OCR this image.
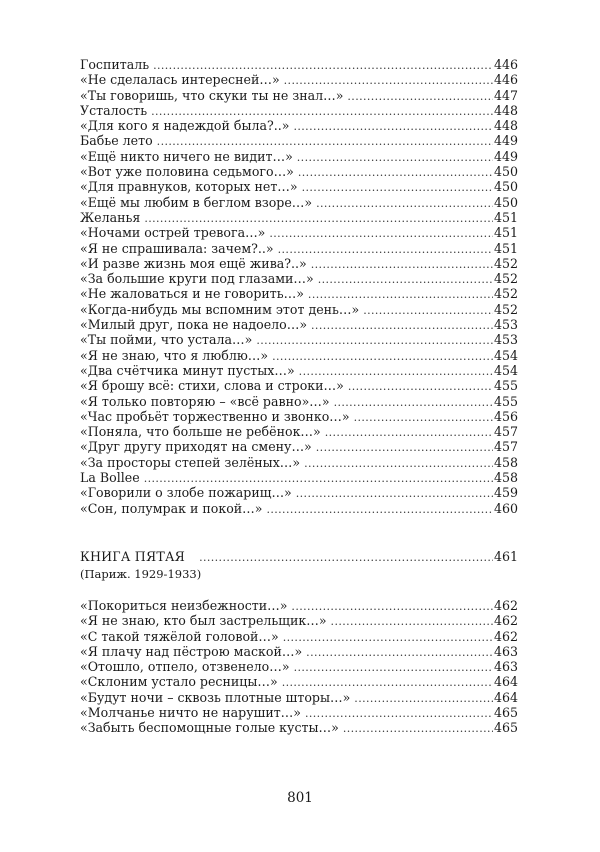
Госпиталь .....	446
«Не сделалась интересней…» .....	446
«Ты говоришь, что скуки ты не знал…» .....	447
Усталость .....	448
«Для кого я надеждой была?..» .....	448
Бабье лето .....	449
«Ещё никто ничего не видит…» .....	449
«Вот уже половина седьмого…» .....	450
«Для правнуков, которых нет…» .....	450
«Ещё мы любим в беглом взоре…» .....	450
Желанья .....	451
«Ночами острей тревога…» .....	451
«Я не спрашивала: зачем?..» .....	451
«И разве жизнь моя ещё жива?..» .....	452
«За большие круги под глазами…» .....	452
«Не жаловаться и не говорить…» .....	452
«Когда-нибудь мы вспомним этот день…» .....	452
«Милый друг, пока не надоело…» .....	453
«Ты пойми, что устала…» .....	453
«Я не знаю, что я люблю…» .....	454
«Два счётчика минут пустых…» .....	454
«Я брошу всё: стихи, слова и строки…» .....	455
«Я только повторяю – «всё равно»…» .....	455
«Час пробьёт торжественно и звонко…» .....	456
«Поняла, что больше не ребёнок…» .....	457
«Друг другу приходят на смену…» .....	457
«За просторы степей зелёных…» .....	458
La Bollee .....	458
«Говорили о злобе пожарищ…» .....	459
«Сон, полумрак и покой…» .....	460
КНИГА ПЯТАЯ .....	461
(Париж. 1929-1933)
«Покориться неизбежности…» .....	462
«Я не знаю, кто был застрельщик…» .....	462
«С такой тяжёлой головой…» .....	462
«Я плачу над пёстрою маской…» .....	463
«Отошло, отпело, отзвенело…» .....	463
«Склоним устало ресницы…» .....	464
«Будут ночи – сквозь плотные шторы…» .....	464
«Молчанье ничто не нарушит…» .....	465
«Забыть беспомощные голые кусты…» .....	465
801
